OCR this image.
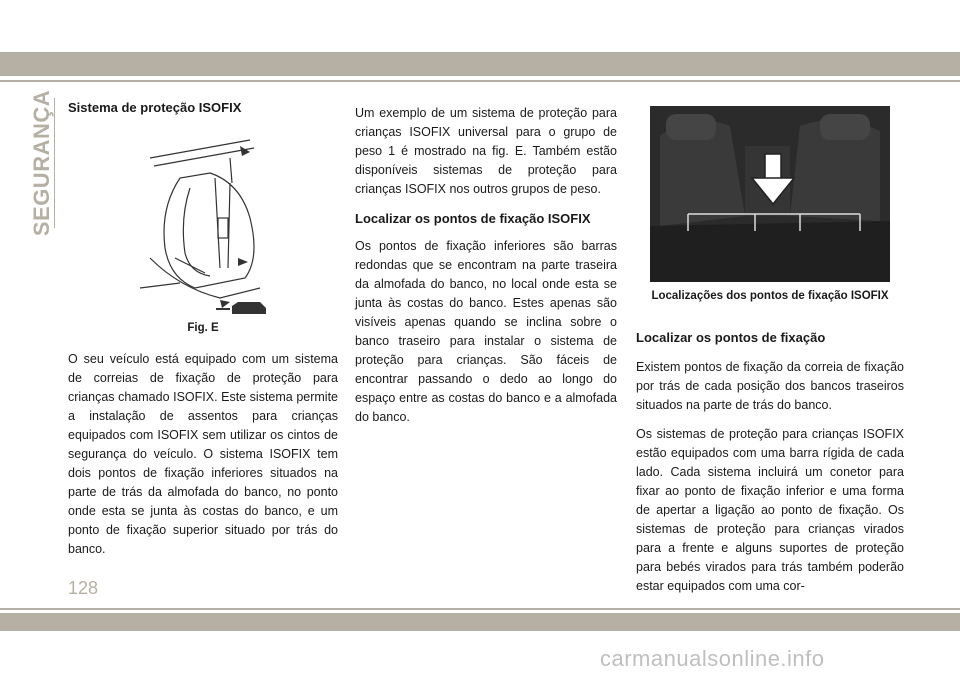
SEGURANÇA Sistema de proteção ISOFIX
Fig. E

O seu veículo está equipado com um sistema de correias de fixação de proteção para crianças chamado ISOFIX. Este sistema permite a instalação de assentos para crianças equipados com ISOFIX sem utilizar os cintos de segurança do veículo. O sistema ISOFIX tem dois pontos de fixação inferiores situados na parte de trás da almofada do banco, no ponto onde esta se junta às costas do banco, e um ponto de fixação superior situado por trás do banco.

Um exemplo de um sistema de proteção para crianças ISOFIX universal para o grupo de peso 1 é mostrado na fig. E. Também estão disponíveis sistemas de proteção para crianças ISOFIX nos outros grupos de peso.

Localizar os pontos de fixação ISOFIX

Os pontos de fixação inferiores são barras redondas que se encontram na parte traseira da almofada do banco, no local onde esta se junta às costas do banco. Estes apenas são visíveis apenas quando se inclina sobre o banco traseiro para instalar o sistema de proteção para crianças. São fáceis de encontrar passando o dedo ao longo do espaço entre as costas do banco e a almofada do banco.

Localizações dos pontos de fixação ISOFIX
Localizar os pontos de fixação

Existem pontos de fixação da correia de fixação por trás de cada posição dos bancos traseiros situados na parte de trás do banco.

Os sistemas de proteção para crianças ISOFIX estão equipados com uma barra rígida de cada lado. Cada sistema incluirá um conetor para fixar ao ponto de fixação inferior e uma forma de apertar a ligação ao ponto de fixação. Os sistemas de proteção para crianças virados para a frente e alguns suportes de proteção para bebés virados para trás também poderão estar equipados com uma cor-

128
carmanualsonline.info
